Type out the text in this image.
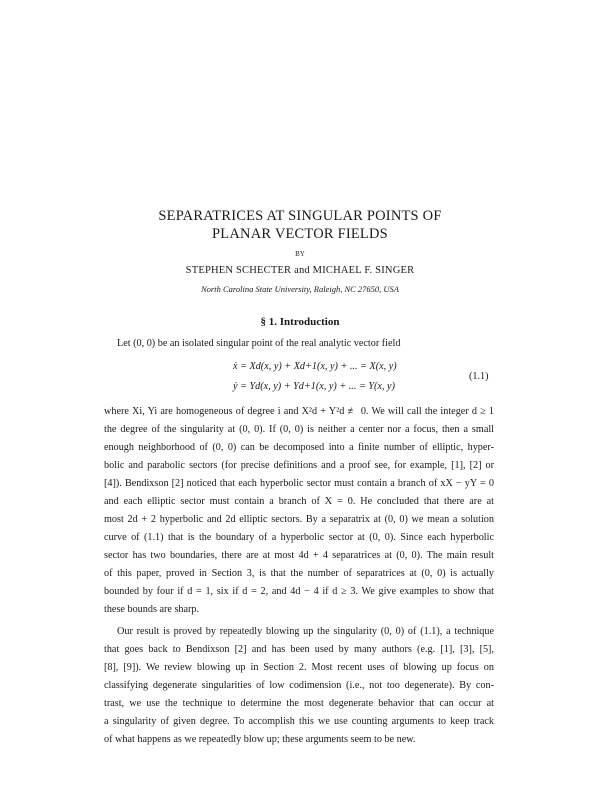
SEPARATRICES AT SINGULAR POINTS OF
PLANAR VECTOR FIELDS
BY
STEPHEN SCHECTER and MICHAEL F. SINGER
North Carolina State University, Raleigh, NC 27650, USA
§ 1. Introduction
Let (0, 0) be an isolated singular point of the real analytic vector field
ẋ = Xd(x, y) + Xd+1(x, y) + ... = X(x, y)
ẏ = Yd(x, y) + Yd+1(x, y) + ... = Y(x, y)
(1.1)
where Xi, Yi are homogeneous of degree i and X²d + Y²d ≢ 0. We will call the integer d ≥ 1
the degree of the singularity at (0, 0). If (0, 0) is neither a center nor a focus, then a small
enough neighborhood of (0, 0) can be decomposed into a finite number of elliptic, hyper-
bolic and parabolic sectors (for precise definitions and a proof see, for example, [1], [2] or
[4]). Bendixson [2] noticed that each hyperbolic sector must contain a branch of xX − yY = 0
and each elliptic sector must contain a branch of X = 0. He concluded that there are at
most 2d + 2 hyperbolic and 2d elliptic sectors. By a separatrix at (0, 0) we mean a solution
curve of (1.1) that is the boundary of a hyperbolic sector at (0, 0). Since each hyperbolic
sector has two boundaries, there are at most 4d + 4 separatrices at (0, 0). The main result
of this paper, proved in Section 3, is that the number of separatrices at (0, 0) is actually
bounded by four if d = 1, six if d = 2, and 4d − 4 if d ≥ 3. We give examples to show that
these bounds are sharp.
Our result is proved by repeatedly blowing up the singularity (0, 0) of (1.1), a technique
that goes back to Bendixson [2] and has been used by many authors (e.g. [1], [3], [5],
[8], [9]). We review blowing up in Section 2. Most recent uses of blowing up focus on
classifying degenerate singularities of low codimension (i.e., not too degenerate). By con-
trast, we use the technique to determine the most degenerate behavior that can occur at
a singularity of given degree. To accomplish this we use counting arguments to keep track
of what happens as we repeatedly blow up; these arguments seem to be new.
